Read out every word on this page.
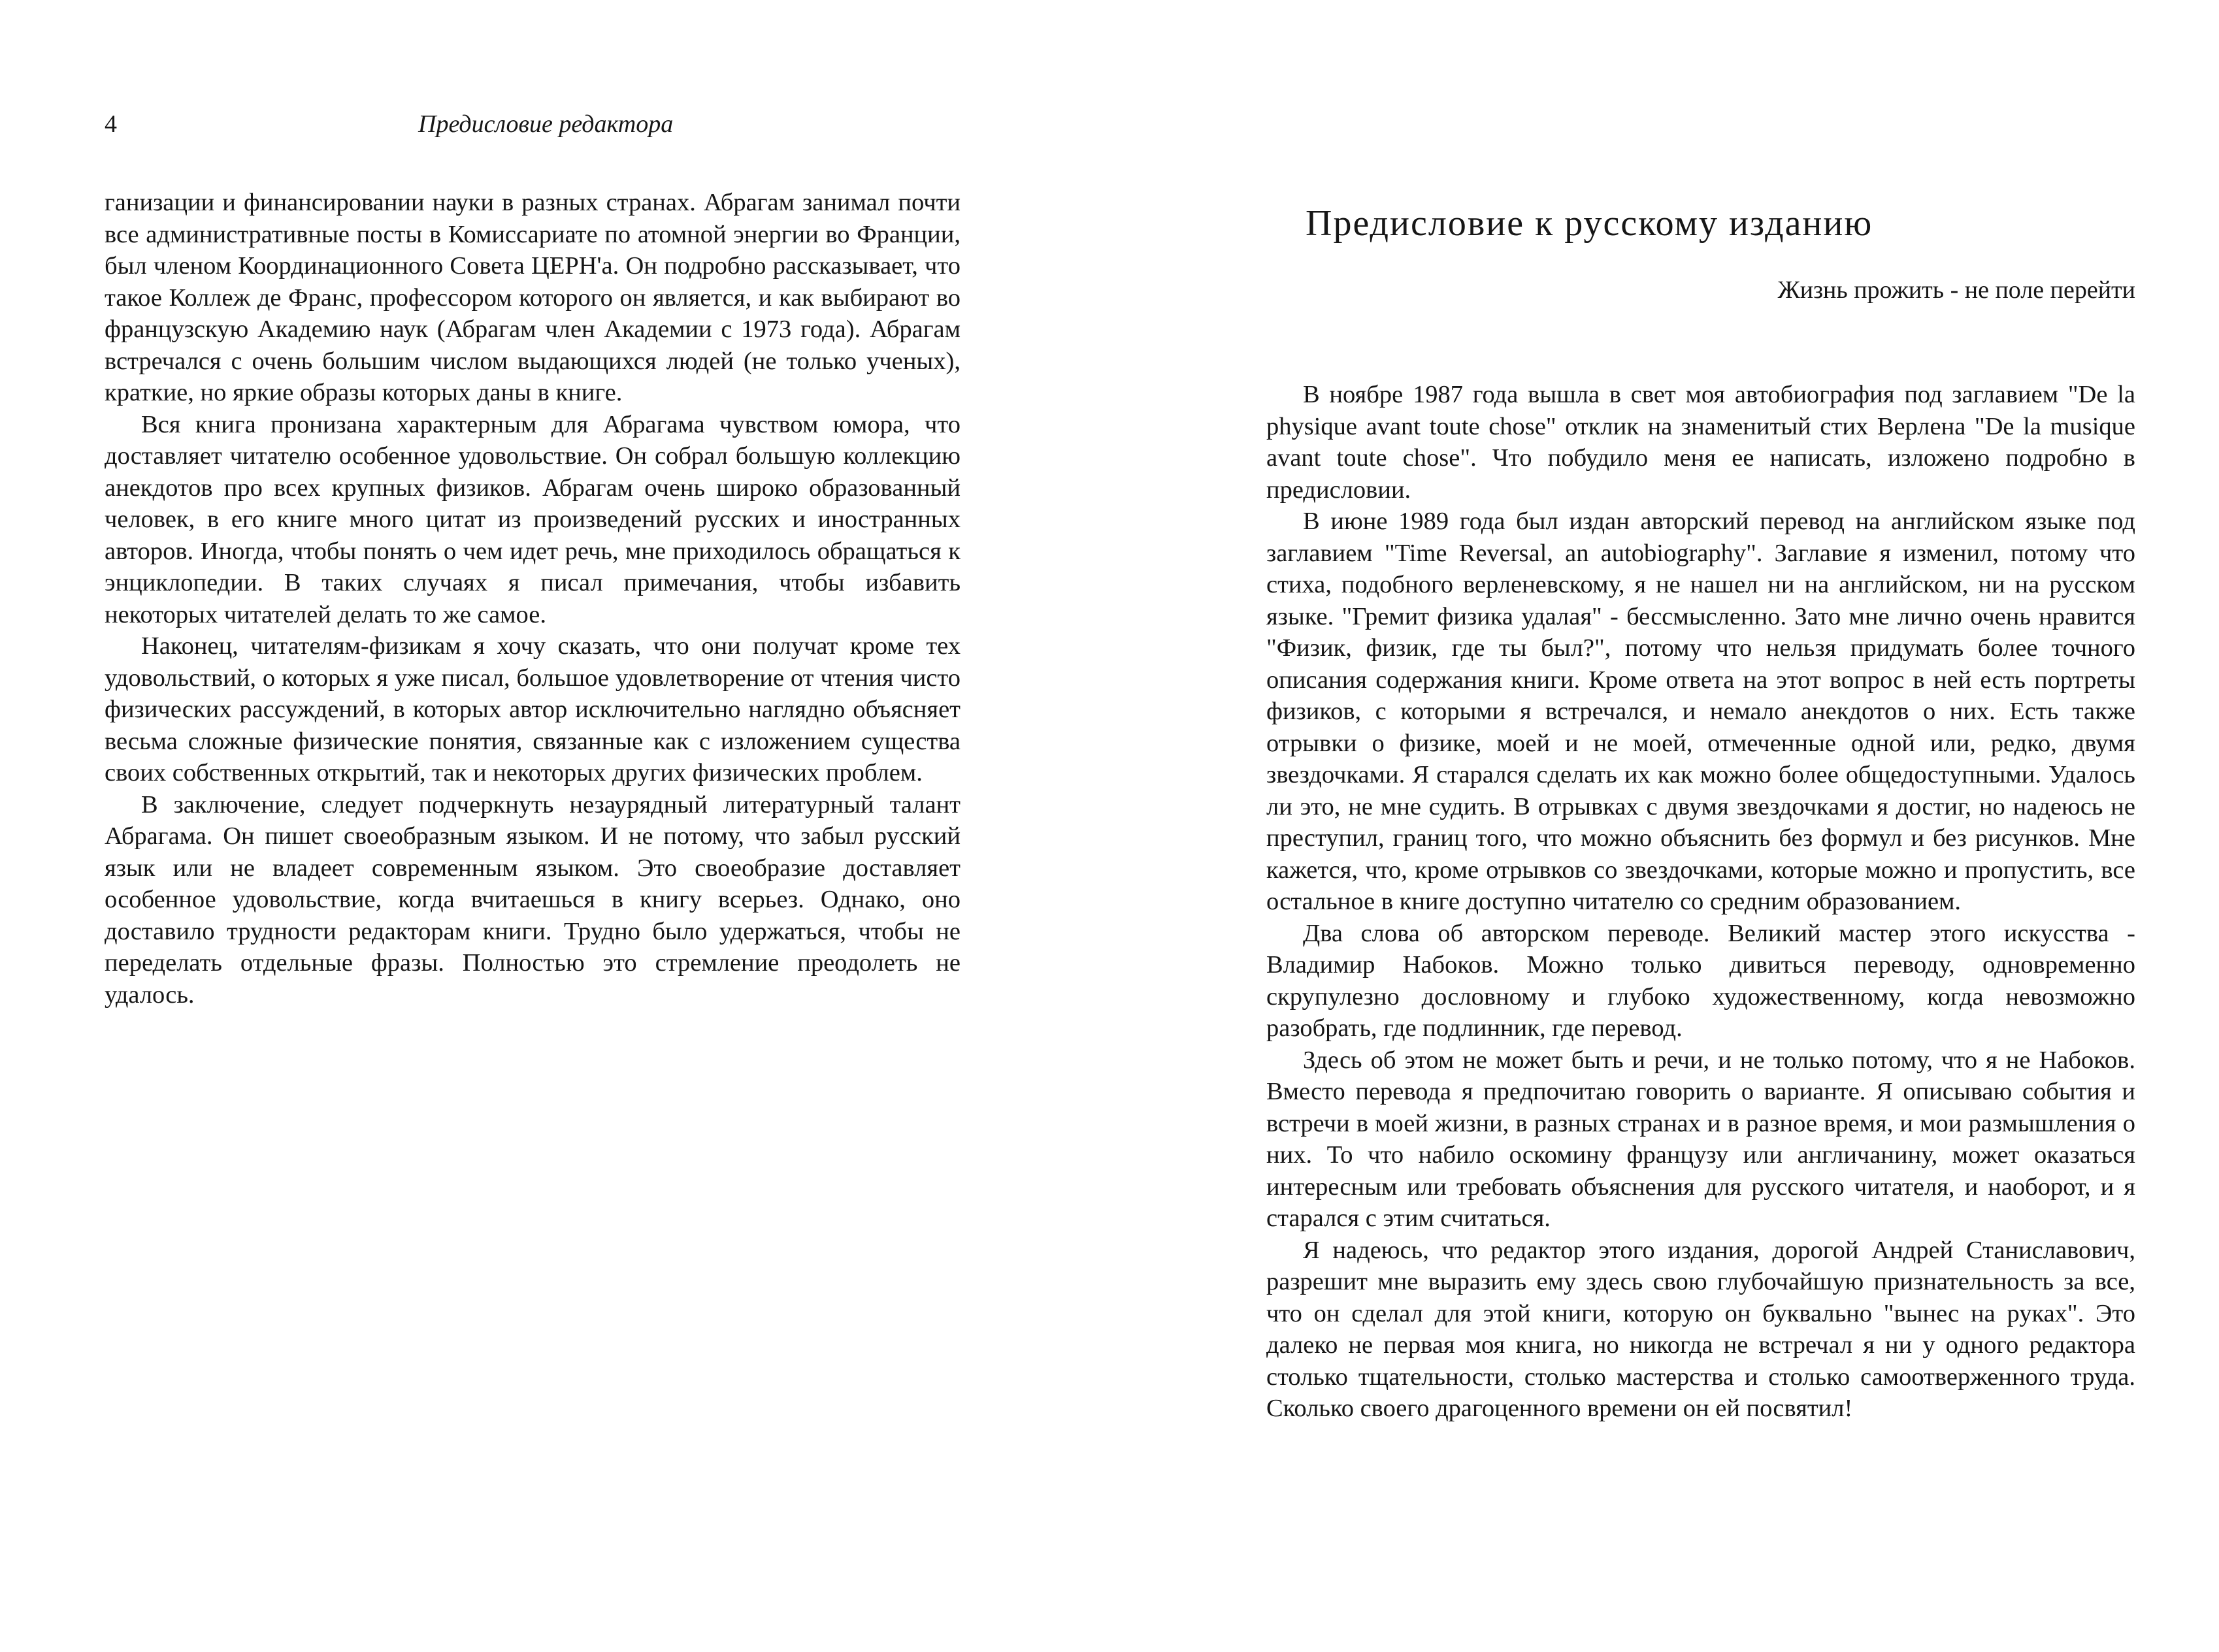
4	Предисловие редактора

ганизации и финансировании науки в разных странах. Абрагам занимал почти все административные посты в Комиссариате по атомной энергии во Франции, был членом Координационного Совета ЦЕРН'а. Он подробно рассказывает, что такое Коллеж де Франс, профессором которого он является, и как выбирают во французскую Академию наук (Абрагам член Академии с 1973 года). Абрагам встречался с очень большим числом выдающихся людей (не только ученых), краткие, но яркие образы которых даны в книге.

Вся книга пронизана характерным для Абрагама чувством юмора, что доставляет читателю особенное удовольствие. Он собрал большую коллекцию анекдотов про всех крупных физиков. Абрагам очень широко образованный человек, в его книге много цитат из произведений русских и иностранных авторов. Иногда, чтобы понять о чем идет речь, мне приходилось обращаться к энциклопедии. В таких случаях я писал примечания, чтобы избавить некоторых читателей делать то же самое.

Наконец, читателям-физикам я хочу сказать, что они получат кроме тех удовольствий, о которых я уже писал, большое удовлетворение от чтения чисто физических рассуждений, в которых автор исключительно наглядно объясняет весьма сложные физические понятия, связанные как с изложением существа своих собственных открытий, так и некоторых других физических проблем.

В заключение, следует подчеркнуть незаурядный литературный талант Абрагама. Он пишет своеобразным языком. И не потому, что забыл русский язык или не владеет современным языком. Это своеобразие доставляет особенное удовольствие, когда вчитаешься в книгу всерьез. Однако, оно доставило трудности редакторам книги. Трудно было удержаться, чтобы не переделать отдельные фразы. Полностью это стремление преодолеть не удалось.

Предисловие к русскому изданию
Жизнь прожить - не поле перейти

В ноябре 1987 года вышла в свет моя автобиография под заглавием "De la physique avant toute chose" отклик на знаменитый стих Верлена "De la musique avant toute chose". Что побудило меня ее написать, изложено подробно в предисловии.

В июне 1989 года был издан авторский перевод на английском языке под заглавием "Time Reversal, an autobiography". Заглавие я изменил, потому что стиха, подобного верленевскому, я не нашел ни на английском, ни на русском языке. "Гремит физика удалая" - бессмысленно. Зато мне лично очень нравится "Физик, физик, где ты был?", потому что нельзя придумать более точного описания содержания книги. Кроме ответа на этот вопрос в ней есть портреты физиков, с которыми я встречался, и немало анекдотов о них. Есть также отрывки о физике, моей и не моей, отмеченные одной или, редко, двумя звездочками. Я старался сделать их как можно более общедоступными. Удалось ли это, не мне судить. В отрывках с двумя звездочками я достиг, но надеюсь не преступил, границ того, что можно объяснить без формул и без рисунков. Мне кажется, что, кроме отрывков со звездочками, которые можно и пропустить, все остальное в книге доступно читателю со средним образованием.

Два слова об авторском переводе. Великий мастер этого искусства - Владимир Набоков. Можно только дивиться переводу, одновременно скрупулезно дословному и глубоко художественному, когда невозможно разобрать, где подлинник, где перевод.

Здесь об этом не может быть и речи, и не только потому, что я не Набоков. Вместо перевода я предпочитаю говорить о варианте. Я описываю события и встречи в моей жизни, в разных странах и в разное время, и мои размышления о них. То что набило оскомину французу или англичанину, может оказаться интересным или требовать объяснения для русского читателя, и наоборот, и я старался с этим считаться.

Я надеюсь, что редактор этого издания, дорогой Андрей Станиславович, разрешит мне выразить ему здесь свою глубочайшую признательность за все, что он сделал для этой книги, которую он буквально "вынес на руках". Это далеко не первая моя книга, но никогда не встречал я ни у одного редактора столько тщательности, столько мастерства и столько самоотверженного труда. Сколько своего драгоценного времени он ей посвятил!
